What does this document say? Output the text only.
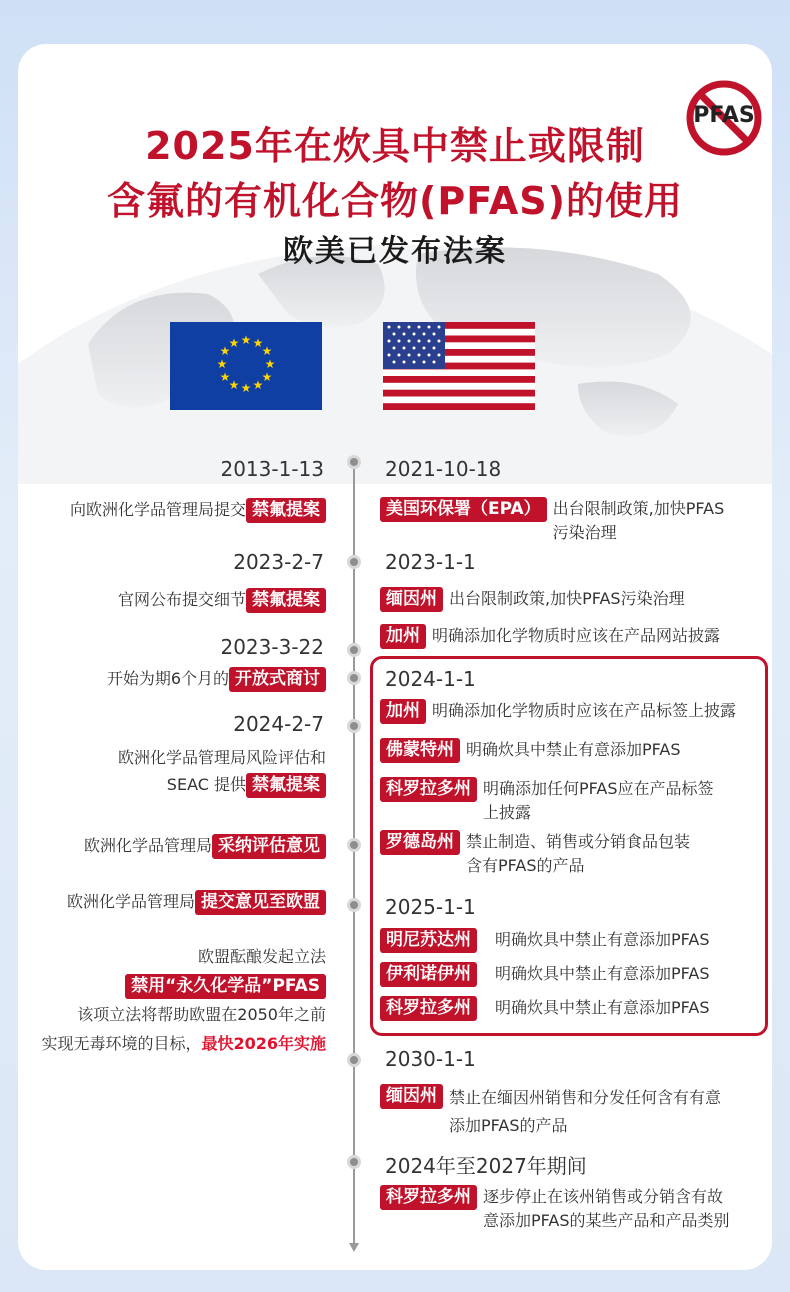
2025年在炊具中禁止或限制
含氟的有机化合物(PFAS)的使用
欧美已发布法案
PFAS
★ ★
★
★
★
★
★
★
★
★
★
★
2013-1-13
向欧洲化学品管理局提交 禁氟提案
2023-2-7
官网公布提交细节 禁氟提案
2023-3-22
开始为期6个月的 开放式商讨
2024-2-7
欧洲化学品管理局风险评估和
SEAC 提供 禁氟提案
欧洲化学品管理局 采纳评估意见
欧洲化学品管理局 提交意见至欧盟
欧盟酝酿发起立法
禁用“永久化学品”PFAS
该项立法将帮助欧盟在2050年之前
实现无毒环境的目标，最快2026年实施
2021-10-18
美国环保署（EPA） 出台限制政策,加快PFAS
污染治理
2023-1-1
缅因州 出台限制政策,加快PFAS污染治理
加州 明确添加化学物质时应该在产品网站披露
2024-1-1
加州 明确添加化学物质时应该在产品标签上披露
佛蒙特州 明确炊具中禁止有意添加PFAS
科罗拉多州 明确添加任何PFAS应在产品标签
上披露
罗德岛州 禁止制造、销售或分销食品包装
含有PFAS的产品
2025-1-1
明尼苏达州 明确炊具中禁止有意添加PFAS
伊利诺伊州 明确炊具中禁止有意添加PFAS
科罗拉多州 明确炊具中禁止有意添加PFAS
2030-1-1
缅因州 禁止在缅因州销售和分发任何含有有意
添加PFAS的产品
2024年至2027年期间
科罗拉多州 逐步停止在该州销售或分销含有故
意添加PFAS的某些产品和产品类别
